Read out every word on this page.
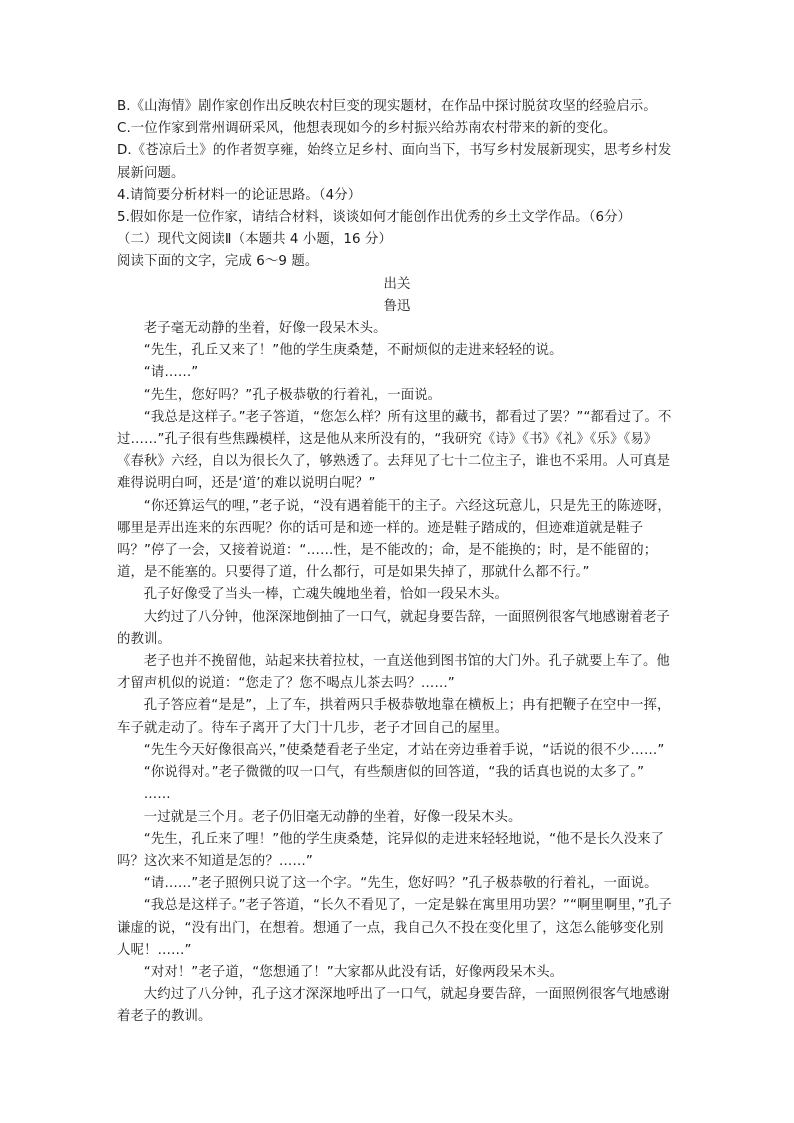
B.《山海情》剧作家创作出反映农村巨变的现实题材，在作品中探讨脱贫攻坚的经验启示。

C.一位作家到常州调研采风，他想表现如今的乡村振兴给苏南农村带来的新的变化。

D.《苍凉后土》的作者贺享雍，始终立足乡村、面向当下，书写乡村发展新现实，思考乡村发展新问题。

4.请简要分析材料一的论证思路。（4分）

5.假如你是一位作家，请结合材料，谈谈如何才能创作出优秀的乡土文学作品。（6分）

（二）现代文阅读Ⅱ（本题共 4 小题，16 分）

阅读下面的文字，完成 6～9 题。

出关

鲁迅

老子毫无动静的坐着，好像一段呆木头。

“先生，孔丘又来了！”他的学生庚桑楚，不耐烦似的走进来轻轻的说。

“请……”

“先生，您好吗？”孔子极恭敬的行着礼，一面说。

“我总是这样子。”老子答道，“您怎么样？所有这里的藏书，都看过了罢？”“都看过了。不过……”孔子很有些焦躁模样，这是他从来所没有的，“我研究《诗》《书》《礼》《乐》《易》《春秋》六经，自以为很长久了，够熟透了。去拜见了七十二位主子，谁也不采用。人可真是难得说明白呵，还是‘道’的难以说明白呢？”

“你还算运气的哩，”老子说，“没有遇着能干的主子。六经这玩意儿，只是先王的陈迹呀，哪里是弄出连来的东西呢？你的话可是和迹一样的。迹是鞋子踏成的，但迹难道就是鞋子吗？”停了一会，又接着说道：“……性，是不能改的；命，是不能换的；时，是不能留的；道，是不能塞的。只要得了道，什么都行，可是如果失掉了，那就什么都不行。”

孔子好像受了当头一棒，亡魂失魄地坐着，恰如一段呆木头。

大约过了八分钟，他深深地倒抽了一口气，就起身要告辞，一面照例很客气地感谢着老子的教训。

老子也并不挽留他，站起来扶着拉杖，一直送他到图书馆的大门外。孔子就要上车了。他才留声机似的说道：“您走了？您不喝点儿茶去吗？……”

孔子答应着“是是”，上了车，拱着两只手极恭敬地靠在横板上；冉有把鞭子在空中一挥，车子就走动了。待车子离开了大门十几步，老子才回自己的屋里。

“先生今天好像很高兴，”使桑楚看老子坐定，才站在旁边垂着手说，“话说的很不少……”

“你说得对。”老子微微的叹一口气，有些颓唐似的回答道，“我的话真也说的太多了。”

……

一过就是三个月。老子仍旧毫无动静的坐着，好像一段呆木头。

“先生，孔丘来了哩！”他的学生庚桑楚，诧异似的走进来轻轻地说，“他不是长久没来了吗？这次来不知道是怎的？……”

“请……”老子照例只说了这一个字。“先生，您好吗？”孔子极恭敬的行着礼，一面说。

“我总是这样子。”老子答道，“长久不看见了，一定是躲在寓里用功罢？”“啊里啊里，”孔子谦虚的说，“没有出门，在想着。想通了一点，我自己久不投在变化里了，这怎么能够变化别人呢！……”

“对对！”老子道，“您想通了！”大家都从此没有话，好像两段呆木头。

大约过了八分钟，孔子这才深深地呼出了一口气，就起身要告辞，一面照例很客气地感谢着老子的教训。
